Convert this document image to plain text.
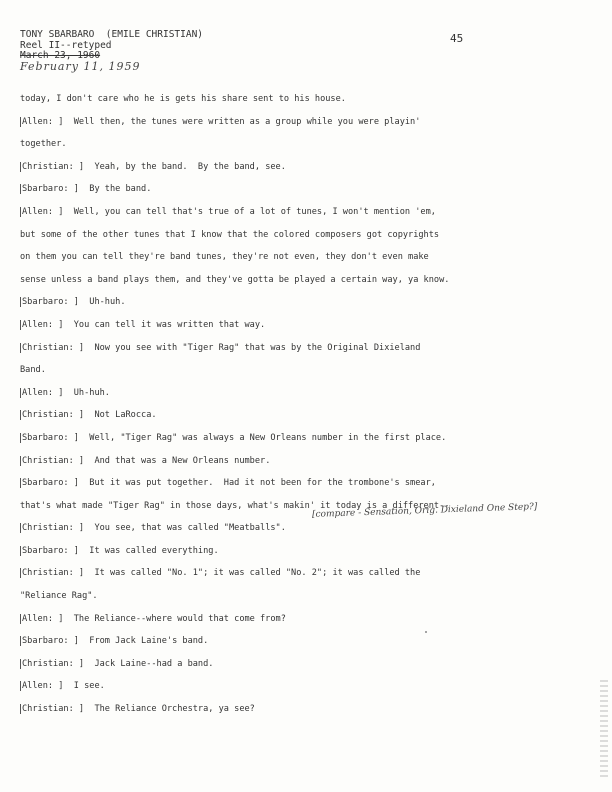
TONY SBARBARO  (EMILE CHRISTIAN)
Reel II--retyped
March 23, 1960
February 11, 1959
45

today, I don't care who he is gets his share sent to his house.

Allen: ]  Well then, the tunes were written as a group while you were playin'

together.

Christian: ]  Yeah, by the band.  By the band, see.

Sbarbaro: ]  By the band.

Allen: ]  Well, you can tell that's true of a lot of tunes, I won't mention 'em,

but some of the other tunes that I know that the colored composers got copyrights

on them you can tell they're band tunes, they're not even, they don't even make

sense unless a band plays them, and they've gotta be played a certain way, ya know.

Sbarbaro: ]  Uh-huh.

Allen: ]  You can tell it was written that way.

Christian: ]  Now you see with "Tiger Rag" that was by the Original Dixieland

Band.

Allen: ]  Uh-huh.

Christian: ]  Not LaRocca.

Sbarbaro: ]  Well, "Tiger Rag" was always a New Orleans number in the first place.

Christian: ]  And that was a New Orleans number.

Sbarbaro: ]  But it was put together.  Had it not been for the trombone's smear,

that's what made "Tiger Rag" in those days, what's makin' it today is a different--

Christian: ]  You see, that was called "Meatballs".

Sbarbaro: ]  It was called everything.

Christian: ]  It was called "No. 1"; it was called "No. 2"; it was called the

"Reliance Rag".

Allen: ]  The Reliance--where would that come from?

Sbarbaro: ]  From Jack Laine's band.

Christian: ]  Jack Laine--had a band.

Allen: ]  I see.

Christian: ]  The Reliance Orchestra, ya see?

[compare - Sensation, Orig. Dixieland One Step?]
